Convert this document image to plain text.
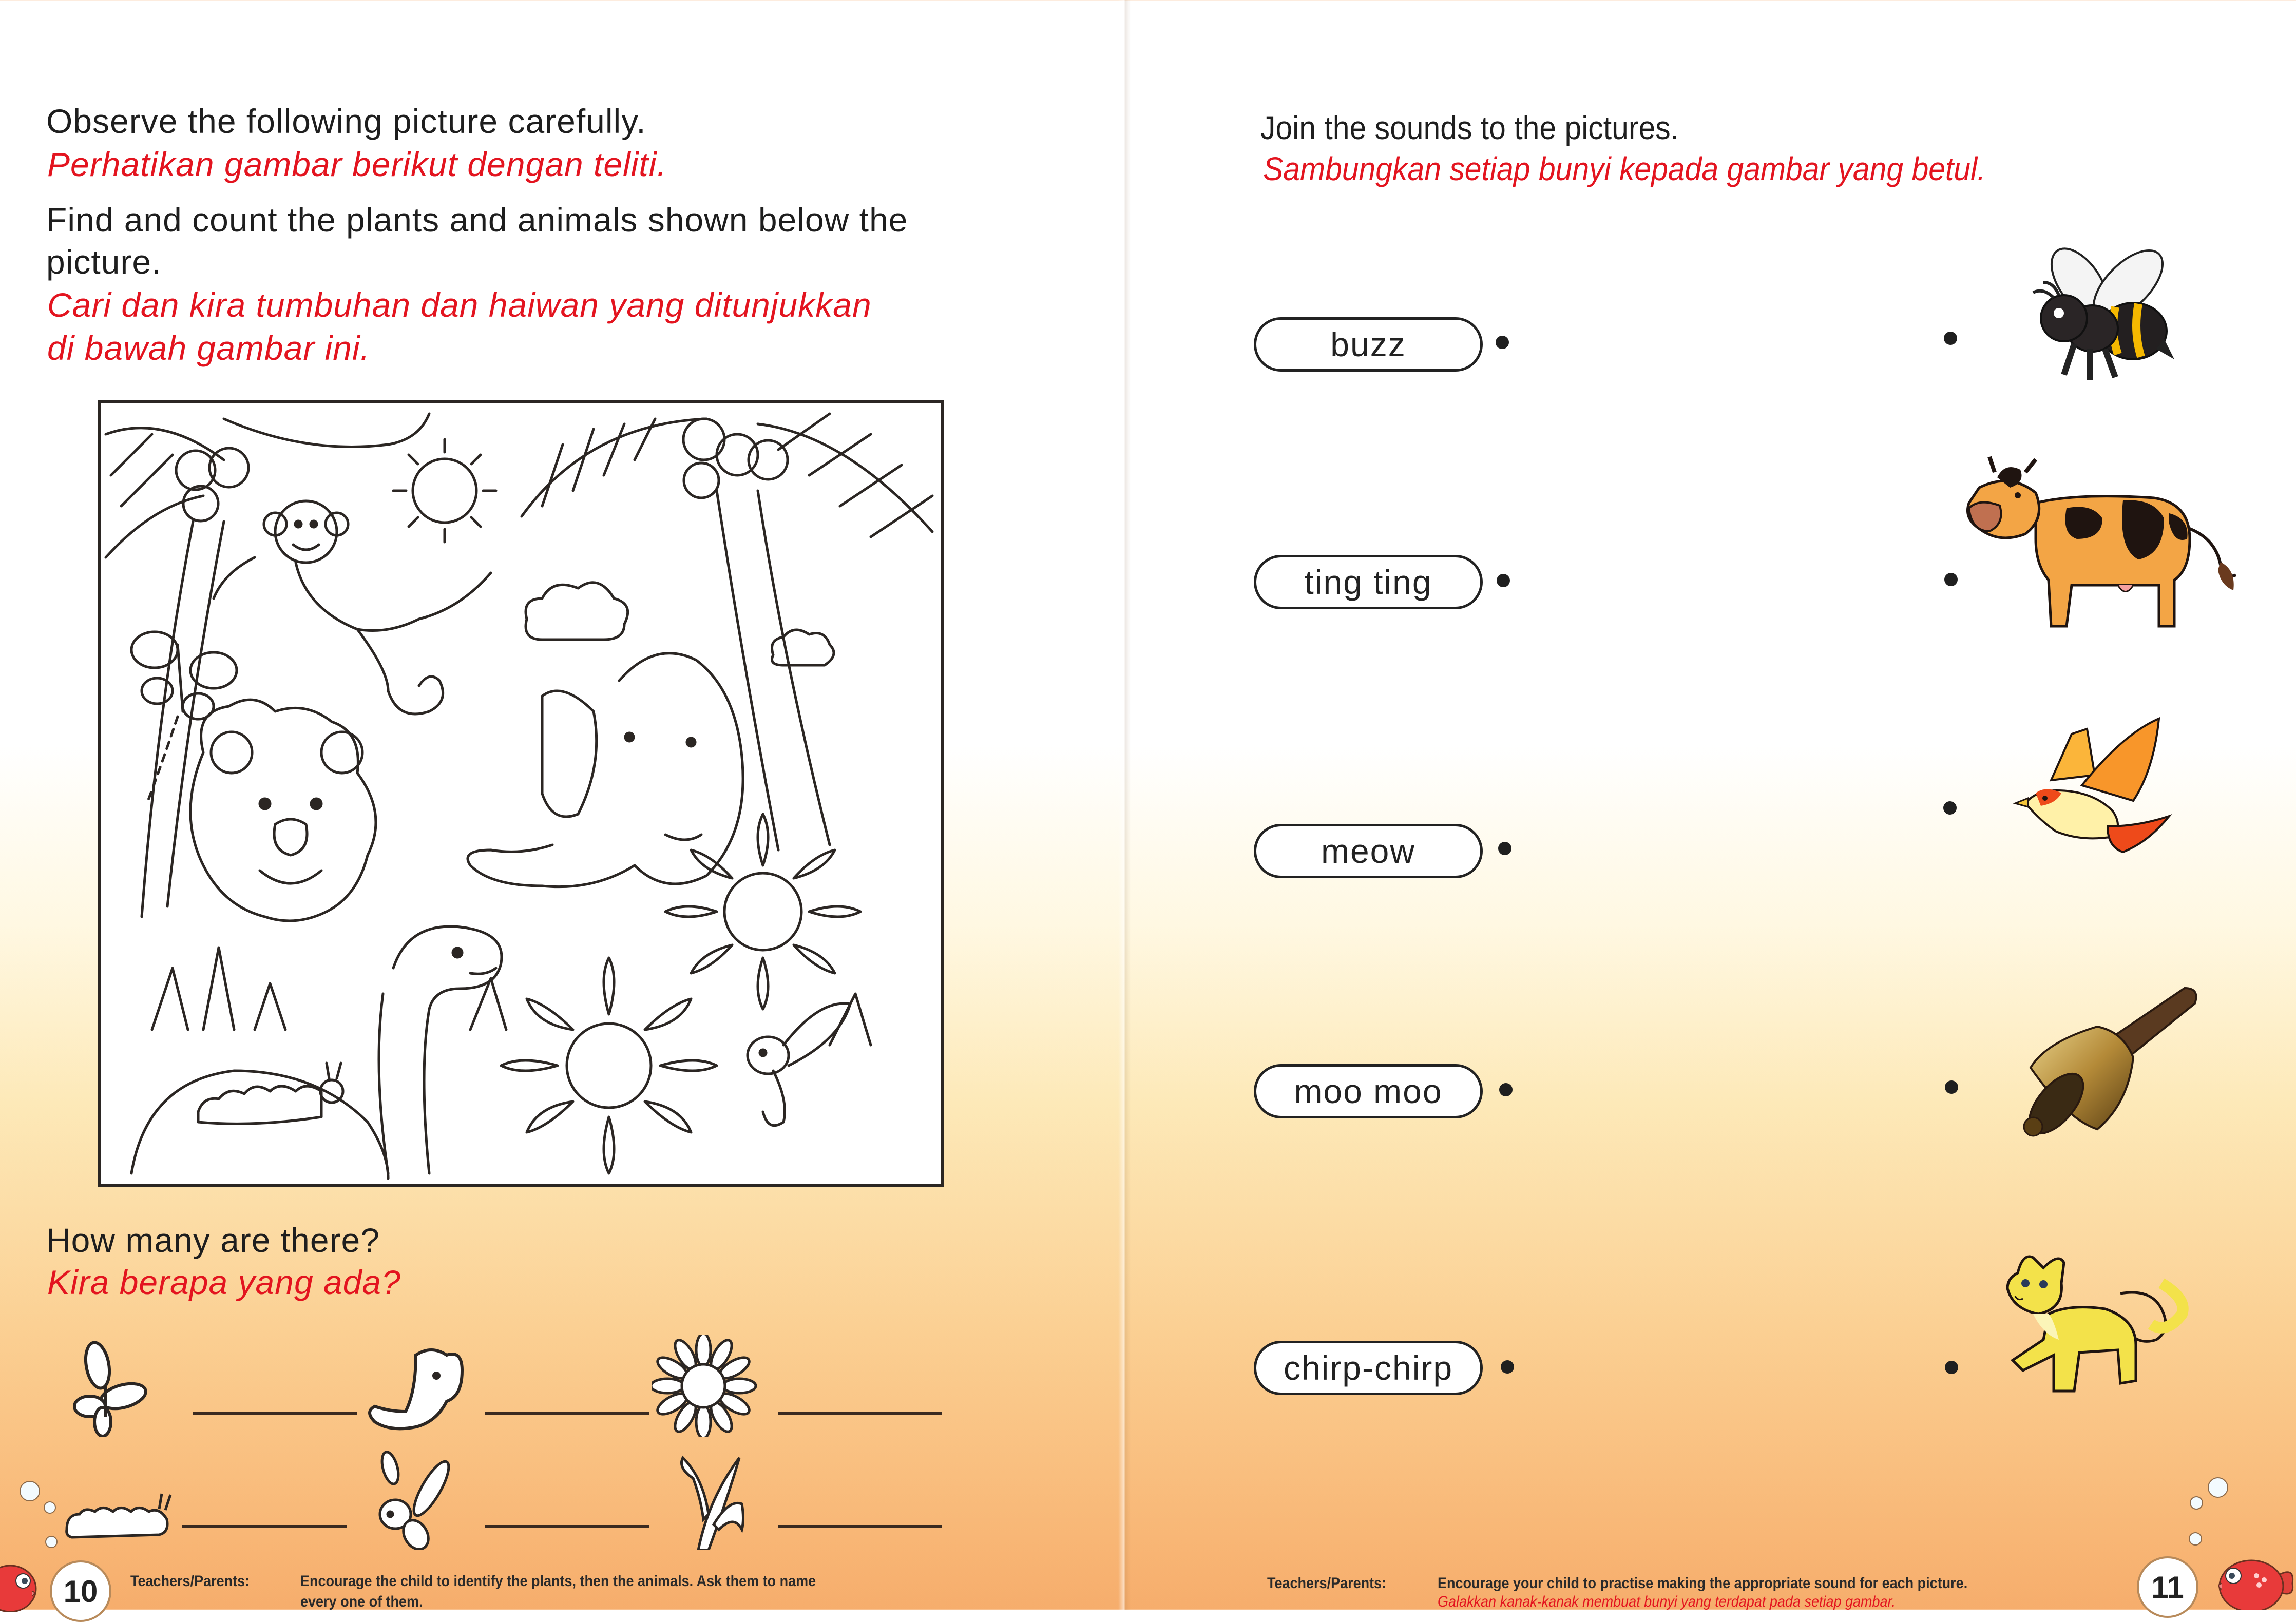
Observe the following picture carefully.
Perhatikan gambar berikut dengan teliti.
Find and count the plants and animals shown below the
picture.
Cari dan kira tumbuhan dan haiwan yang ditunjukkan
di bawah gambar ini.
How many are there?
Kira berapa yang ada?
10	Teachers/Parents:	Encourage the child to identify the plants, then the animals. Ask them to name
every one of them.
Join the sounds to the pictures.
Sambungkan setiap bunyi kepada gambar yang betul.
buzz
ting ting
meow
moo moo
chirp-chirp
Teachers/Parents:	Encourage your child to practise making the appropriate sound for each picture.
Galakkan kanak-kanak membuat bunyi yang terdapat pada setiap gambar.	11
